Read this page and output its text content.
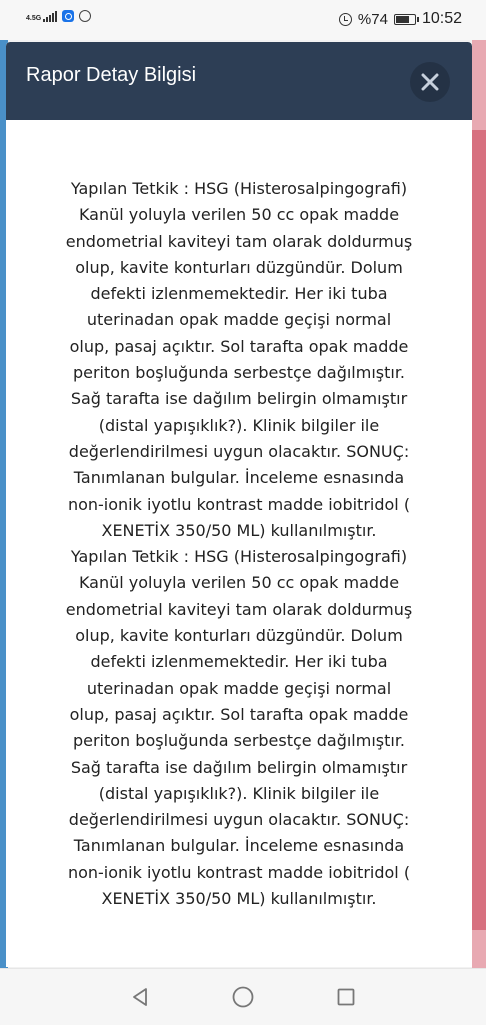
4.5G	%74 10:52
Rapor Detay Bilgisi
Yapılan Tetkik : HSG (Histerosalpingografi)
Kanül yoluyla verilen 50 cc opak madde
endometrial kaviteyi tam olarak doldurmuş
olup, kavite konturları düzgündür. Dolum
defekti izlenmemektedir. Her iki tuba
uterinadan opak madde geçişi normal
olup, pasaj açıktır. Sol tarafta opak madde
periton boşluğunda serbestçe dağılmıştır.
Sağ tarafta ise dağılım belirgin olmamıştır
(distal yapışıklık?). Klinik bilgiler ile
değerlendirilmesi uygun olacaktır. SONUÇ:
Tanımlanan bulgular. İnceleme esnasında
non-ionik iyotlu kontrast madde iobitridol (
XENETİX 350/50 ML) kullanılmıştır.
Yapılan Tetkik : HSG (Histerosalpingografi)
Kanül yoluyla verilen 50 cc opak madde
endometrial kaviteyi tam olarak doldurmuş
olup, kavite konturları düzgündür. Dolum
defekti izlenmemektedir. Her iki tuba
uterinadan opak madde geçişi normal
olup, pasaj açıktır. Sol tarafta opak madde
periton boşluğunda serbestçe dağılmıştır.
Sağ tarafta ise dağılım belirgin olmamıştır
(distal yapışıklık?). Klinik bilgiler ile
değerlendirilmesi uygun olacaktır. SONUÇ:
Tanımlanan bulgular. İnceleme esnasında
non-ionik iyotlu kontrast madde iobitridol (
XENETİX 350/50 ML) kullanılmıştır.
